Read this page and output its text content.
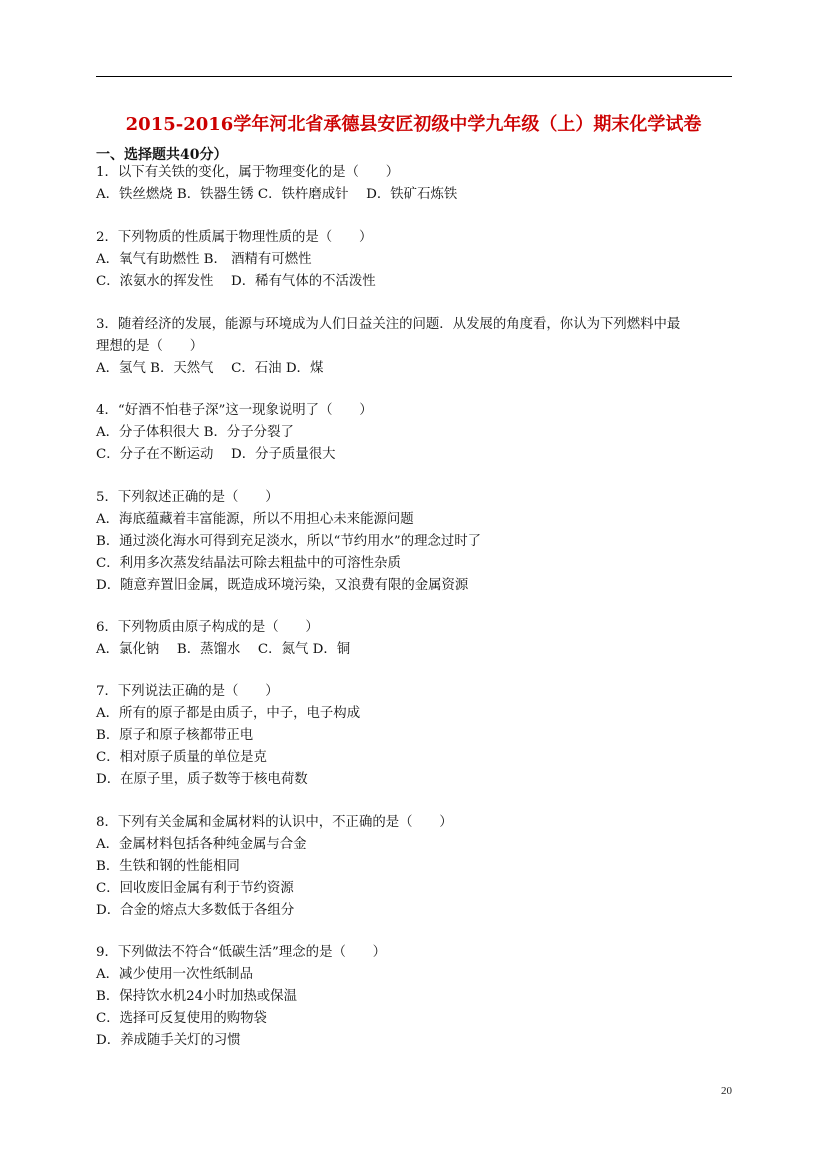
2015-2016学年河北省承德县安匠初级中学九年级（上）期末化学试卷
一、选择题共40分）
1．以下有关铁的变化，属于物理变化的是（　　）
A．铁丝燃烧 B．铁器生锈 C．铁杵磨成针　 D．铁矿石炼铁
2．下列物质的性质属于物理性质的是（　　）
A．氧气有助燃性 B． 酒精有可燃性
C．浓氨水的挥发性　 D．稀有气体的不活泼性
3．随着经济的发展，能源与环境成为人们日益关注的问题．从发展的角度看，你认为下列燃料中最
理想的是（　　）
A．氢气 B．天然气　 C．石油 D．煤
4．“好酒不怕巷子深”这一现象说明了（　　）
A．分子体积很大 B．分子分裂了
C．分子在不断运动　 D．分子质量很大
5．下列叙述正确的是（　　）
A．海底蕴藏着丰富能源，所以不用担心未来能源问题
B．通过淡化海水可得到充足淡水，所以“节约用水”的理念过时了
C．利用多次蒸发结晶法可除去粗盐中的可溶性杂质
D．随意弃置旧金属，既造成环境污染，又浪费有限的金属资源
6．下列物质由原子构成的是（　　）
A．氯化钠　 B．蒸馏水　 C．氮气 D．铜
7．下列说法正确的是（　　）
A．所有的原子都是由质子，中子，电子构成
B．原子和原子核都带正电
C．相对原子质量的单位是克
D．在原子里，质子数等于核电荷数
8．下列有关金属和金属材料的认识中，不正确的是（　　）
A．金属材料包括各种纯金属与合金
B．生铁和钢的性能相同
C．回收废旧金属有利于节约资源
D．合金的熔点大多数低于各组分
9．下列做法不符合“低碳生活”理念的是（　　）
A．减少使用一次性纸制品
B．保持饮水机24小时加热或保温
C．选择可反复使用的购物袋
D．养成随手关灯的习惯
20
